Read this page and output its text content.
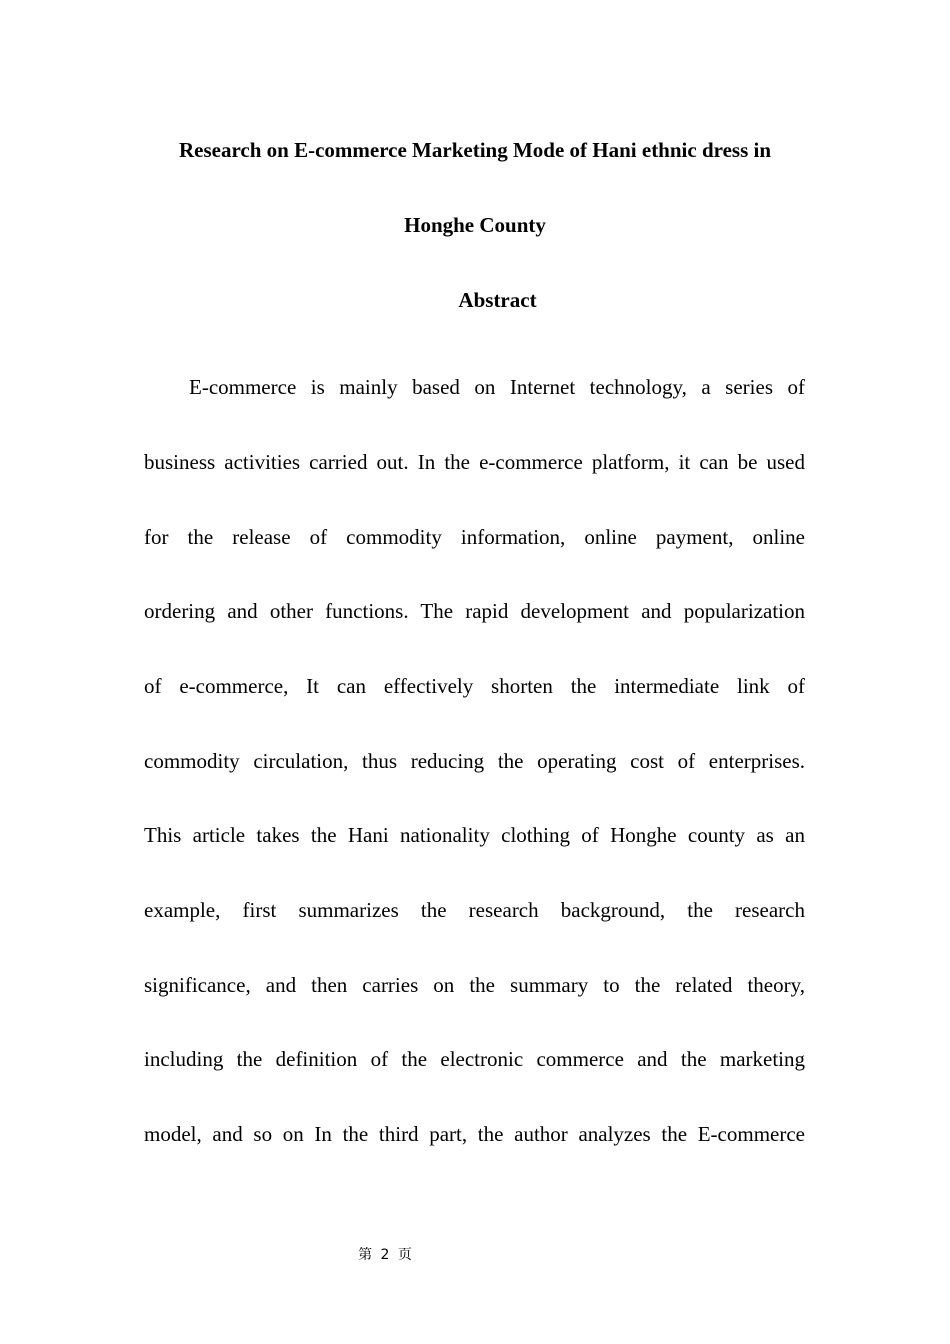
Research on E-commerce Marketing Mode of Hani ethnic dress in
Honghe County
Abstract
E-commerce is mainly based on Internet technology, a series of
business activities carried out. In the e-commerce platform, it can be used
for the release of commodity information, online payment, online
ordering and other functions. The rapid development and popularization
of e-commerce, It can effectively shorten the intermediate link of
commodity circulation, thus reducing the operating cost of enterprises.
This article takes the Hani nationality clothing of Honghe county as an
example, first summarizes the research background, the research
significance, and then carries on the summary to the related theory,
including the definition of the electronic commerce and the marketing
model, and so on In the third part, the author analyzes the E-commerce
第 2 页
